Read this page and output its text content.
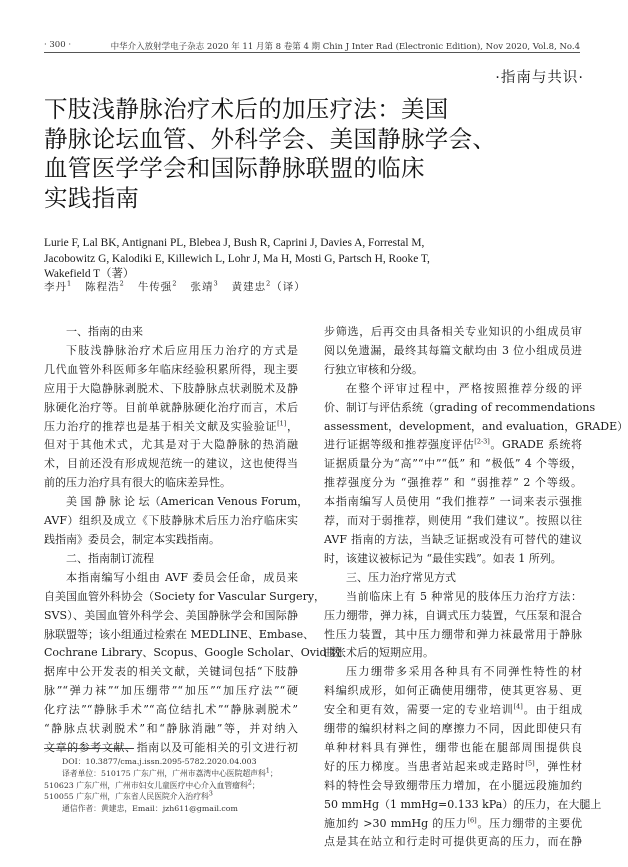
· 300 ·	中华介入放射学电子杂志 2020 年 11 月第 8 卷第 4 期 Chin J Inter Rad (Electronic Edition), Nov 2020, Vol.8, No.4
·指南与共识·
下肢浅静脉治疗术后的加压疗法：美国
静脉论坛血管、外科学会、美国静脉学会、
血管医学学会和国际静脉联盟的临床
实践指南
Lurie F, Lal BK, Antignani PL, Blebea J, Bush R, Caprini J, Davies A, Forrestal M,
Jacobowitz G, Kalodiki E, Killewich L, Lohr J, Ma H, Mosti G, Partsch H, Rooke T,
Wakefield T（著）
李丹$^1$ 陈程浩$^2$ 牛传强$^2$ 张靖$^3$ 黄建忠$^2$（译）
一、指南的由来

下肢浅静脉治疗术后应用压力治疗的方式是

几代血管外科医师多年临床经验积累所得，现主要

应用于大隐静脉剥脱术、下肢静脉点状剥脱术及静

脉硬化治疗等。目前单就静脉硬化治疗而言，术后

压力治疗的推荐也是基于相关文献及实验验证[1]，

但对于其他术式，尤其是对于大隐静脉的热消融

术，目前还没有形成规范统一的建议，这也使得当

前的压力治疗具有很大的临床差异性。

美 国 静 脉 论 坛（American Venous Forum，

AVF）组织及成立《下肢静脉术后压力治疗临床实

践指南》委员会，制定本实践指南。

二、指南制订流程

本指南编写小组由 AVF 委员会任命，成员来

自美国血管外科协会（Society for Vascular Surgery，

SVS）、美国血管外科学会、美国静脉学会和国际静

脉联盟等；该小组通过检索在 MEDLINE、Embase、

Cochrane Library、Scopus、Google Scholar、Ovid 数

据库中公开发表的相关文献，关键词包括“下肢静

脉”“弹力袜”“加压绷带”“加压”“加压疗法”“硬

化疗法”“静脉手术”“高位结扎术”“静脉剥脱术”

“静脉点状剥脱术”和“静脉消融”等，并对纳入

文章的参考文献、指南以及可能相关的引文进行初

步筛选，后再交由具备相关专业知识的小组成员审

阅以免遗漏，最终其每篇文献均由 3 位小组成员进

行独立审核和分级。

在整个评审过程中，严格按照推荐分级的评

价、制订与评估系统（grading of recommendations

assessment，development，and evaluation，GRADE）

进行证据等级和推荐强度评估[2-3]。GRADE 系统将

证据质量分为“高”“中”“低” 和 “极低” 4 个等级，

推荐强度分为 “强推荐” 和 “弱推荐” 2 个等级。

本指南编写人员使用 “我们推荐” 一词来表示强推

荐，而对于弱推荐，则使用 “我们建议”。按照以往

AVF 指南的方法，当缺乏证据或没有可替代的建议

时，该建议被标记为 “最佳实践”。如表 1 所列。

三、压力治疗常见方式

当前临床上有 5 种常见的肢体压力治疗方法：

压力绷带，弹力袜，自调式压力装置，气压泵和混合

性压力装置，其中压力绷带和弹力袜最常用于静脉

曲张术后的短期应用。

压力绷带多采用各种具有不同弹性特性的材

料编织成形，如何正确使用绷带，使其更容易、更

安全和更有效，需要一定的专业培训[4]。由于组成

绷带的编织材料之间的摩擦力不同，因此即使只有

单种材料具有弹性，绷带也能在腿部周围提供良

好的压力梯度。当患者站起来或走路时[5]，弹性材

料的特性会导致绷带压力增加，在小腿远段施加约

50 mmHg（1 mmHg=0.133 kPa）的压力，在大腿上

施加约 >30 mmHg 的压力[6]。压力绷带的主要优

点是其在站立和行走时可提供更高的压力，而在静

DOI：10.3877/cma.j.issn.2095-5782.2020.04.003
译者单位：510175 广东广州，广州市荔湾中心医院超声科$^1$；
510623 广东广州，广州市妇女儿童医疗中心介入血管瘤科$^2$；
510055 广东广州，广东省人民医院介入治疗科$^3$
通信作者：黄建忠，Email：jzh611@gmail.com
